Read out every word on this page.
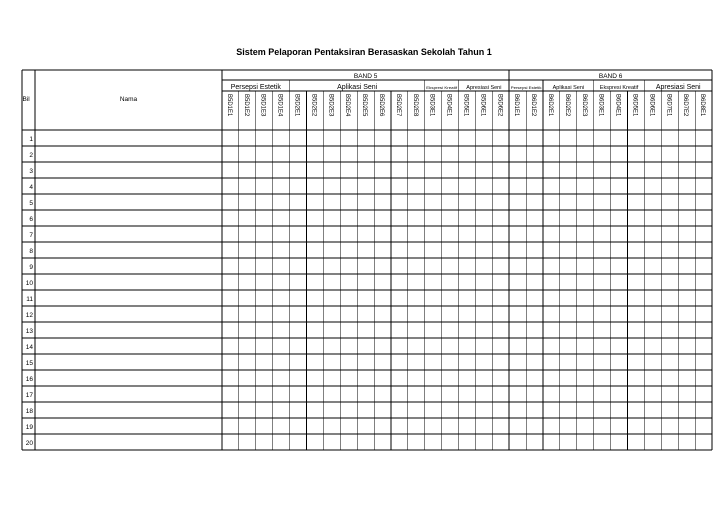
Sistem Pelaporan Pentaksiran Berasaskan Sekolah Tahun 1
Bil	Nama
BAND 5
Persepsi Estetik
B5D1E1 B5D1E2 B5D1E3 B5D1E4
Aplikasi Seni
B5D2E1 B5D2E2 B5D2E3 B5D2E4 B5D2E5 B5D2E6 B5D2E7 B5D2E8
Ekspresi Kreatif
B5D3E1 B5D4E1
Apresiasi Seni
B5D5E1 B5D6E1 B5D6E2
BAND 6
Persepsi Estetik
B6D1E1 B6D1E2
Aplikasi Seni
B6D2E1 B6D2E2 B6D2E3
Ekspresi Kreatif
B6D3E1 B6D4E1 B6D5E1
Apresiasi Seni
B6D6E1 B6D7E1 B6D7E2 B6D8E1
1
2
3
4
5
6
7
8
9
10
11
12
13
14
15
16
17
18
19
20
